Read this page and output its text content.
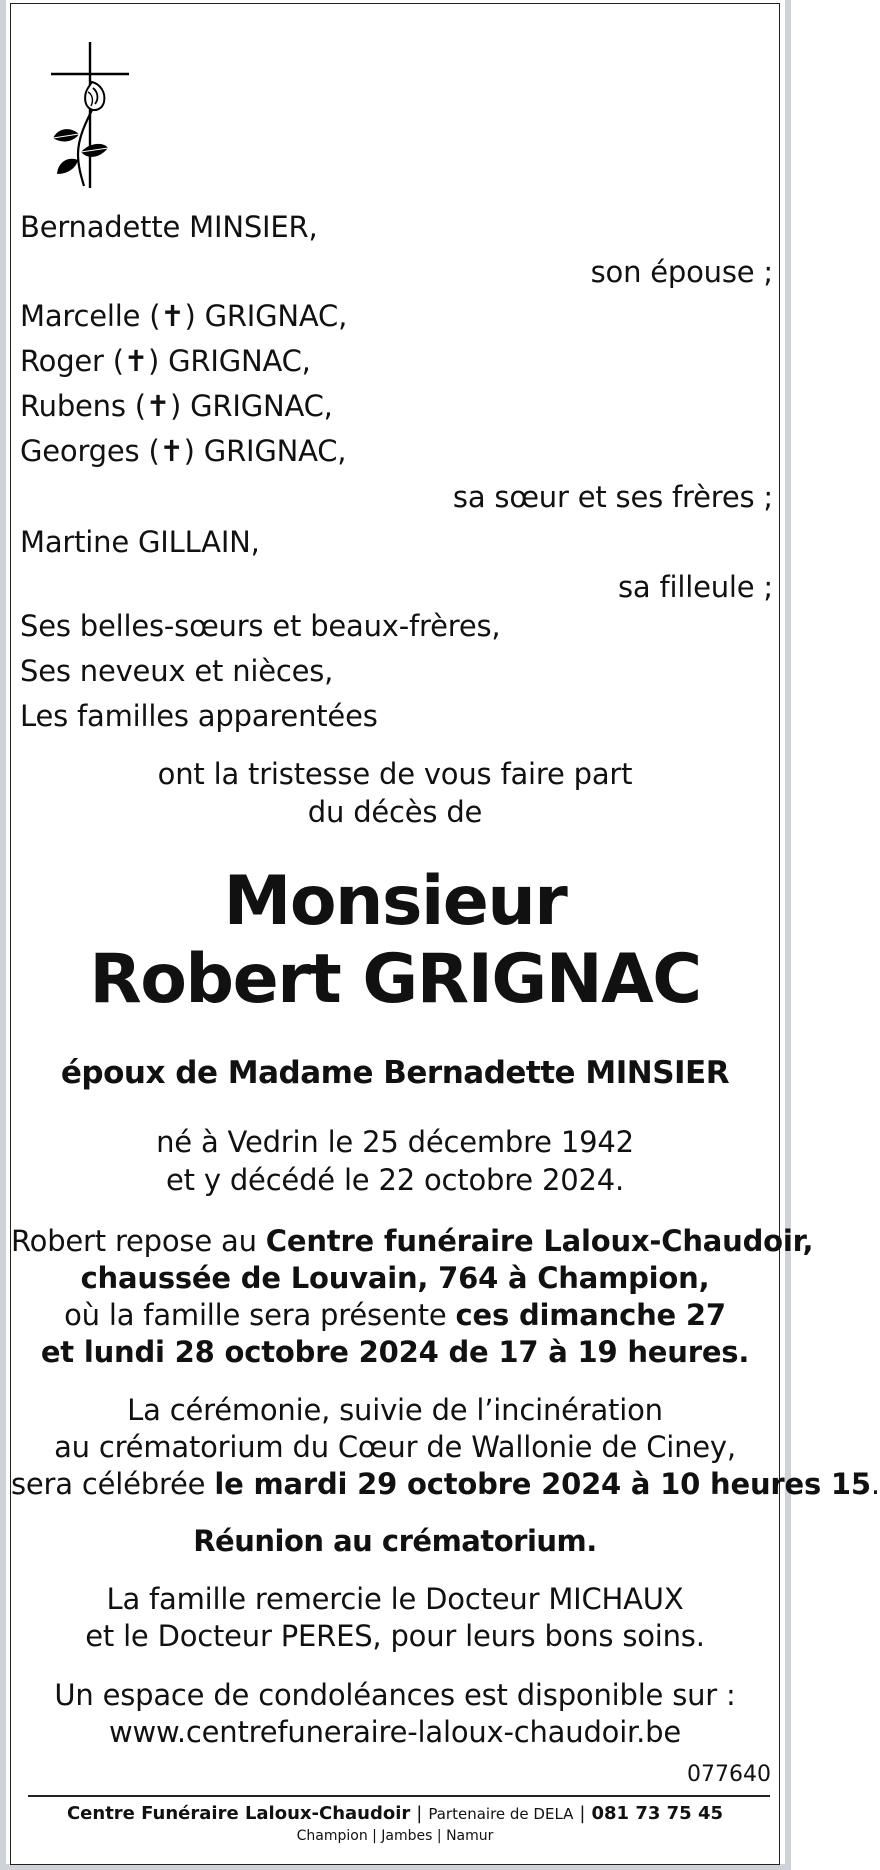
Bernadette MINSIER,
son épouse ;
Marcelle (✝) GRIGNAC,
Roger (✝) GRIGNAC,
Rubens (✝) GRIGNAC,
Georges (✝) GRIGNAC,
sa sœur et ses frères ;
Martine GILLAIN,
sa filleule ;
Ses belles-sœurs et beaux-frères,
Ses neveux et nièces,
Les familles apparentées
ont la tristesse de vous faire part
du décès de
Monsieur
Robert GRIGNAC
époux de Madame Bernadette MINSIER
né à Vedrin le 25 décembre 1942
et y décédé le 22 octobre 2024.
Robert repose au Centre funéraire Laloux-Chaudoir,
chaussée de Louvain, 764 à Champion,
où la famille sera présente ces dimanche 27
et lundi 28 octobre 2024 de 17 à 19 heures.
La cérémonie, suivie de l’incinération
au crématorium du Cœur de Wallonie de Ciney,
sera célébrée le mardi 29 octobre 2024 à 10 heures 15.
Réunion au crématorium.
La famille remercie le Docteur MICHAUX
et le Docteur PERES, pour leurs bons soins.
Un espace de condoléances est disponible sur :
www.centrefuneraire-laloux-chaudoir.be
077640
Centre Funéraire Laloux-Chaudoir | Partenaire de DELA | 081 73 75 45
Champion | Jambes | Namur
